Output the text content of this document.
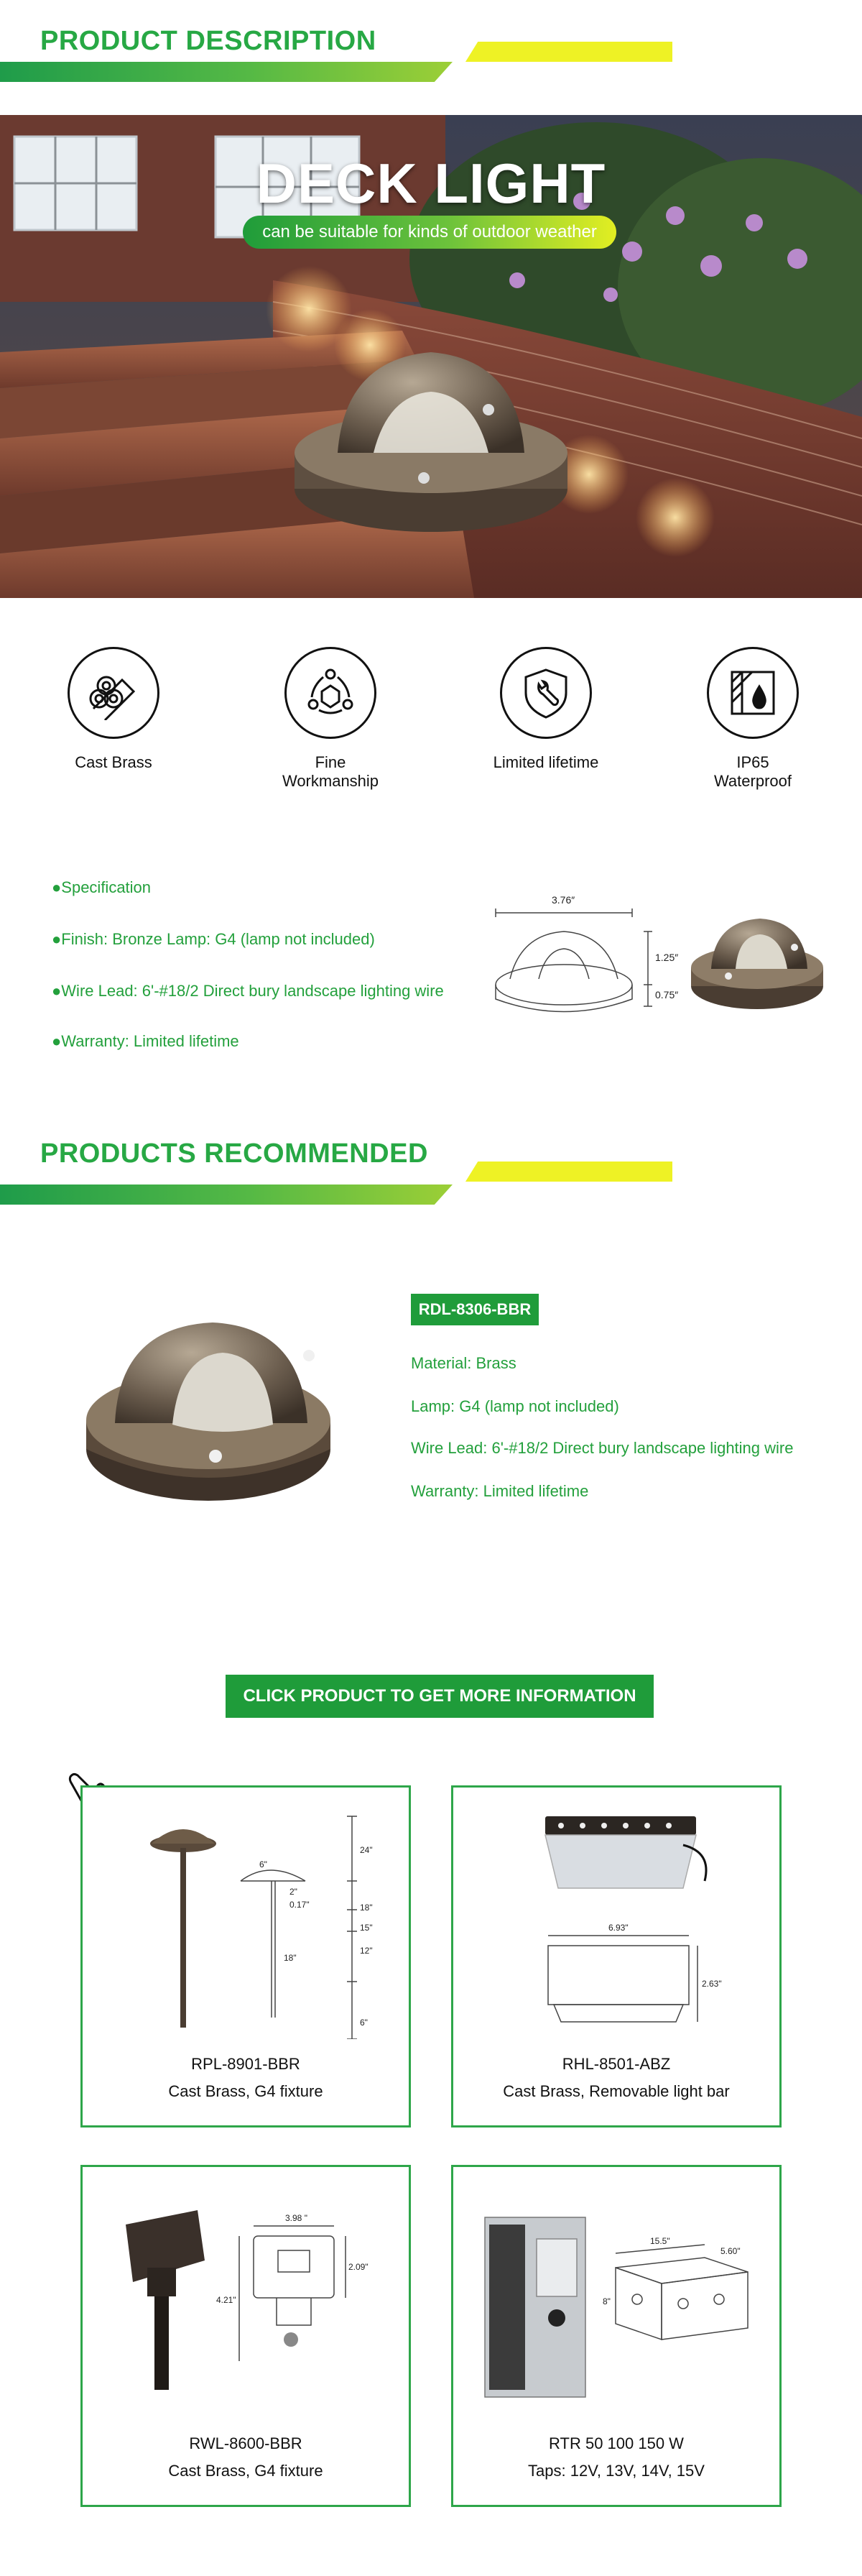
PRODUCT DESCRIPTION
DECK LIGHT
can be suitable for kinds of outdoor weather
Cast Brass	Fine
Workmanship
Limited lifetime	IP65
Waterproof
●Specification
●Finish: Bronze Lamp: G4 (lamp not included)
●Wire Lead: 6'-#18/2 Direct bury landscape lighting wire
●Warranty: Limited lifetime
3.76″
1.25″
0.75″
PRODUCTS RECOMMENDED
RDL-8306-BBR
Material: Brass
Lamp: G4 (lamp not included)
Wire Lead: 6'-#18/2 Direct bury landscape lighting wire
Warranty: Limited lifetime
CLICK PRODUCT TO GET MORE INFORMATION
6"
2"
0.17"
24"
18"
15"
12"
18"
6"
RPL-8901-BBR
Cast Brass, G4 fixture
6.93"
2.63"
RHL-8501-ABZ
Cast Brass, Removable light bar
3.98 "
2.09"
4.21"
RWL-8600-BBR
Cast Brass, G4 fixture
15.5"
5.60"
8"
RTR 50 100 150 W
Taps: 12V, 13V, 14V, 15V
